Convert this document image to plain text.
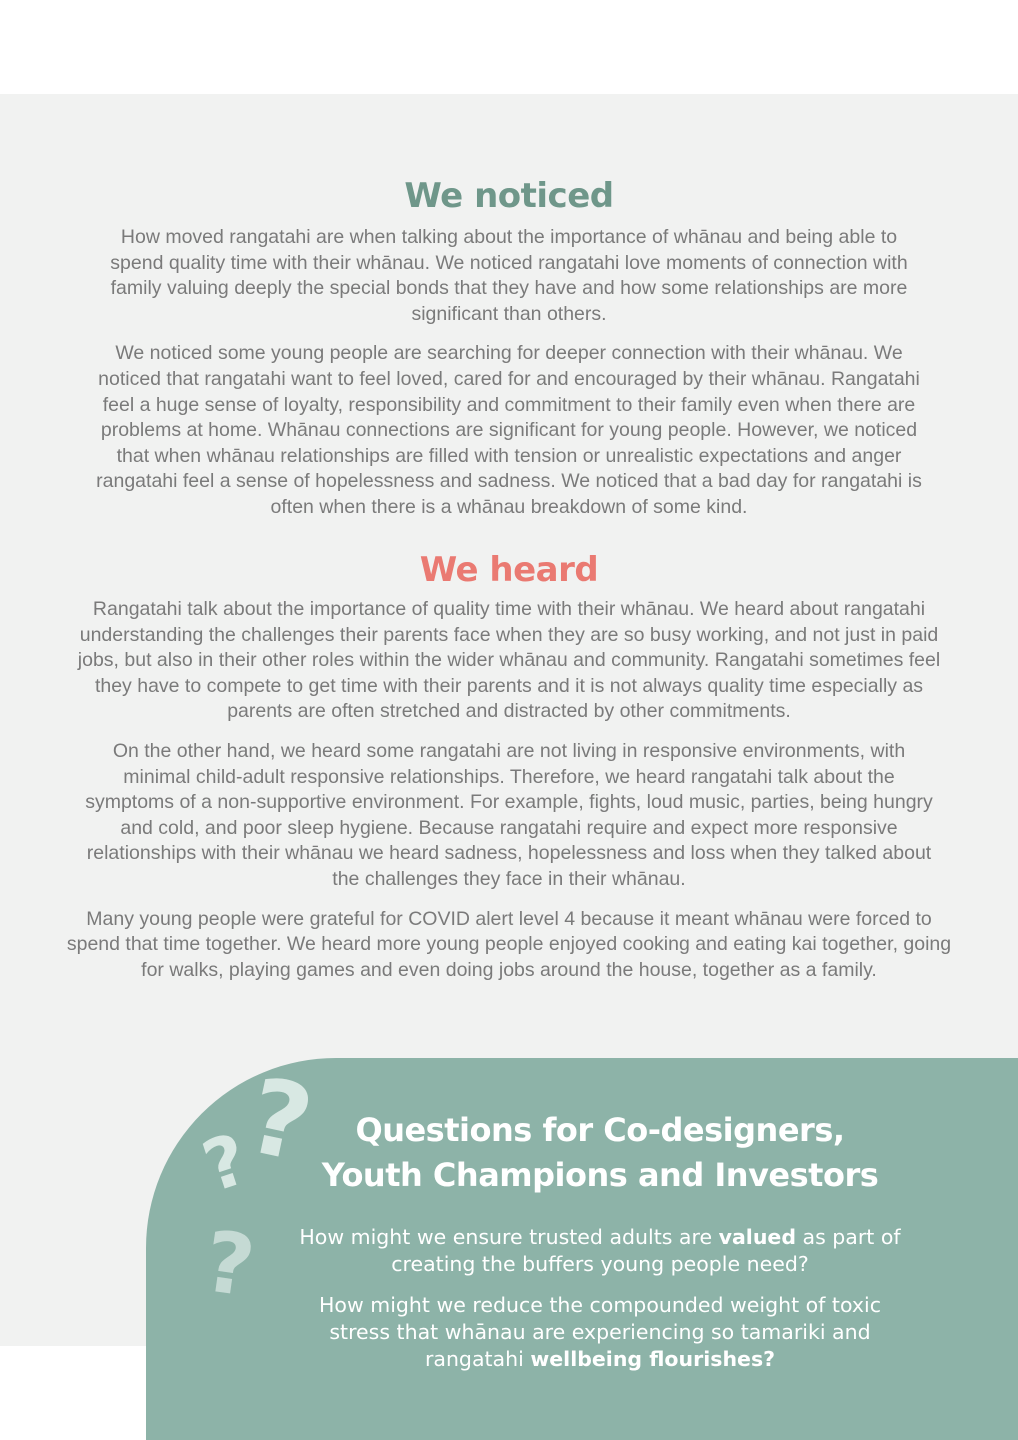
We noticed

How moved rangatahi are when talking about the importance of whānau and being able to spend quality time with their whānau. We noticed rangatahi love moments of connection with family valuing deeply the special bonds that they have and how some relationships are more significant than others.

We noticed some young people are searching for deeper connection with their whānau. We noticed that rangatahi want to feel loved, cared for and encouraged by their whānau. Rangatahi feel a huge sense of loyalty, responsibility and commitment to their family even when there are problems at home. Whānau connections are significant for young people. However, we noticed that when whānau relationships are filled with tension or unrealistic expectations and anger rangatahi feel a sense of hopelessness and sadness. We noticed that a bad day for rangatahi is often when there is a whānau breakdown of some kind.

We heard

Rangatahi talk about the importance of quality time with their whānau. We heard about rangatahi understanding the challenges their parents face when they are so busy working, and not just in paid jobs, but also in their other roles within the wider whānau and community. Rangatahi sometimes feel they have to compete to get time with their parents and it is not always quality time especially as parents are often stretched and distracted by other commitments.

On the other hand, we heard some rangatahi are not living in responsive environments, with minimal child-adult responsive relationships. Therefore, we heard rangatahi talk about the symptoms of a non-supportive environment. For example, fights, loud music, parties, being hungry and cold, and poor sleep hygiene. Because rangatahi require and expect more responsive relationships with their whānau we heard sadness, hopelessness and loss when they talked about the challenges they face in their whānau.

Many young people were grateful for COVID alert level 4 because it meant whānau were forced to spend that time together. We heard more young people enjoyed cooking and eating kai together, going for walks, playing games and even doing jobs around the house, together as a family.

?
?
?
Questions for Co-designers,
Youth Champions and Investors

How might we ensure trusted adults are valued as part of creating the buffers young people need?

How might we reduce the compounded weight of toxic stress that whānau are experiencing so tamariki and rangatahi wellbeing flourishes?
